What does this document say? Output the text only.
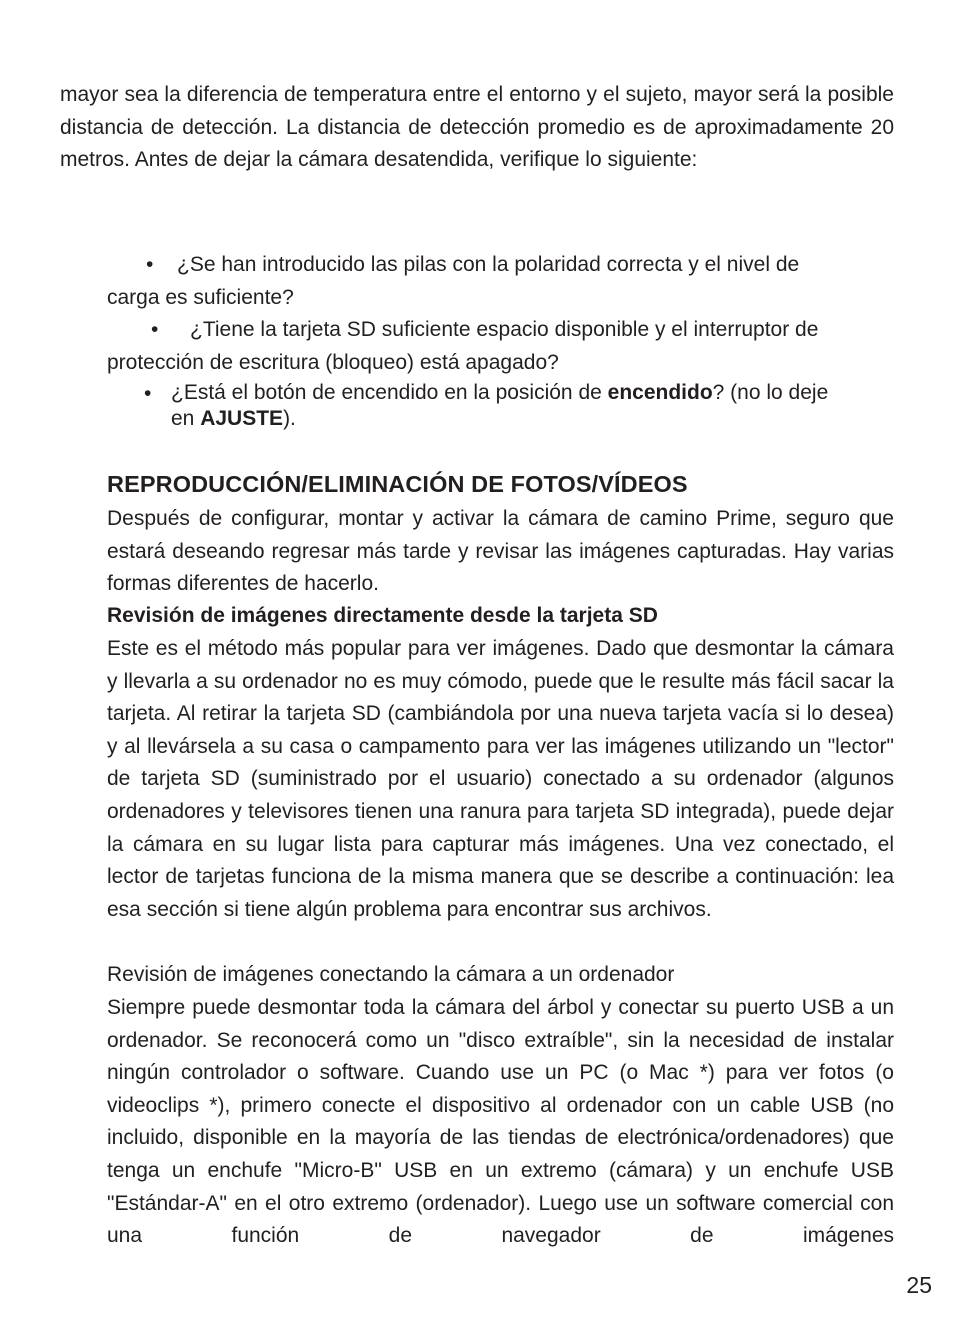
mayor sea la diferencia de temperatura entre el entorno y el sujeto, mayor será la posible distancia de detección. La distancia de detección promedio es de aproximadamente 20 metros. Antes de dejar la cámara desatendida, verifique lo siguiente:

• ¿Se han introducido las pilas con la polaridad correcta y el nivel de

carga es suficiente?

• ¿Tiene la tarjeta SD suficiente espacio disponible y el interruptor de

protección de escritura (bloqueo) está apagado?

• ¿Está el botón de encendido en la posición de encendido? (no lo deje

en AJUSTE).

REPRODUCCIÓN/ELIMINACIÓN DE FOTOS/VÍDEOS

Después de configurar, montar y activar la cámara de camino Prime, seguro que estará deseando regresar más tarde y revisar las imágenes capturadas. Hay varias formas diferentes de hacerlo.

Revisión de imágenes directamente desde la tarjeta SD

Este es el método más popular para ver imágenes. Dado que desmontar la cámara y llevarla a su ordenador no es muy cómodo, puede que le resulte más fácil sacar la tarjeta. Al retirar la tarjeta SD (cambiándola por una nueva tarjeta vacía si lo desea) y al llevársela a su casa o campamento para ver las imágenes utilizando un "lector" de tarjeta SD (suministrado por el usuario) conectado a su ordenador (algunos ordenadores y televisores tienen una ranura para tarjeta SD integrada), puede dejar la cámara en su lugar lista para capturar más imágenes. Una vez conectado, el lector de tarjetas funciona de la misma manera que se describe a continuación: lea esa sección si tiene algún problema para encontrar sus archivos.

Revisión de imágenes conectando la cámara a un ordenador

Siempre puede desmontar toda la cámara del árbol y conectar su puerto USB a un ordenador. Se reconocerá como un "disco extraíble", sin la necesidad de instalar ningún controlador o software. Cuando use un PC (o Mac *) para ver fotos (o videoclips *), primero conecte el dispositivo al ordenador con un cable USB (no incluido, disponible en la mayoría de las tiendas de electrónica/ordenadores) que tenga un enchufe "Micro-B" USB en un extremo (cámara) y un enchufe USB "Estándar-A" en el otro extremo (ordenador). Luego use un software comercial con una función de navegador de imágenes

25
